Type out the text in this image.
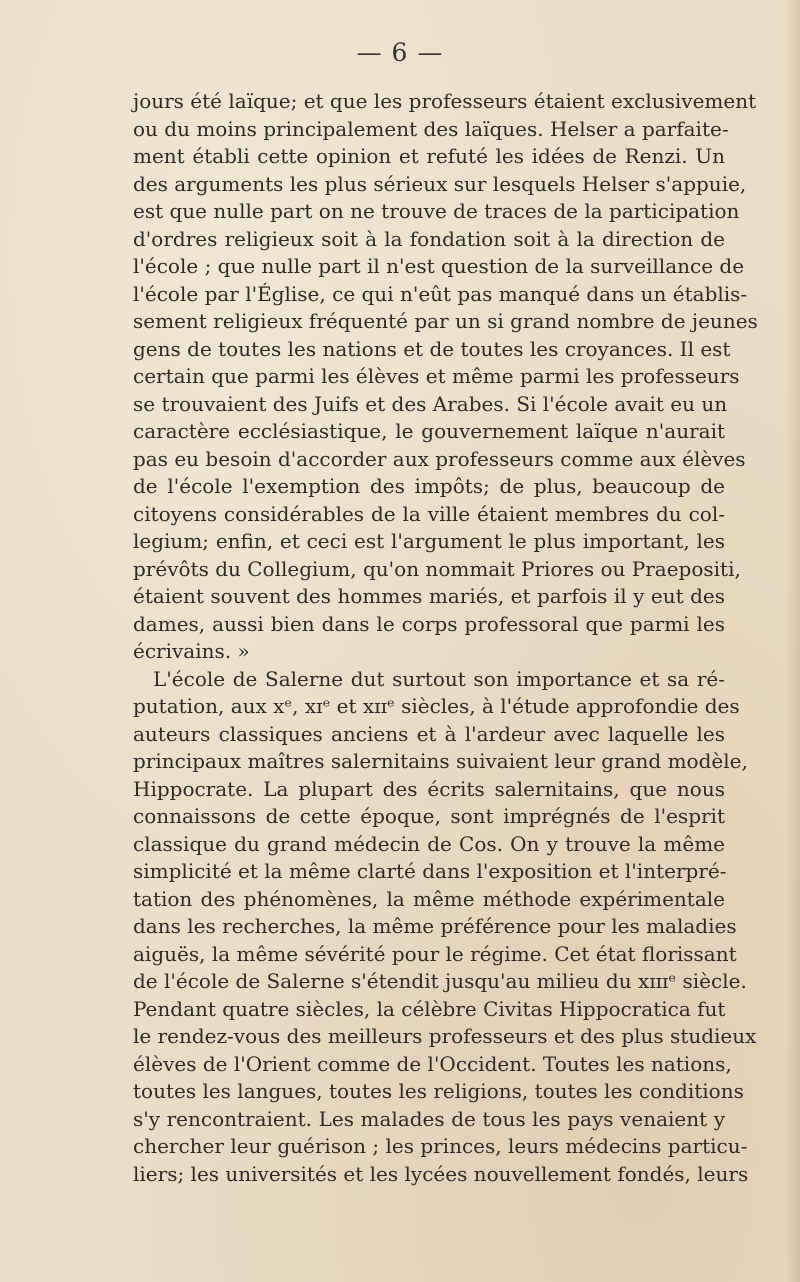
— 6 —
jours été laïque; et que les professeurs étaient exclusivement
ou du moins principalement des laïques. Helser a parfaite-
ment établi cette opinion et refuté les idées de Renzi. Un
des arguments les plus sérieux sur lesquels Helser s'appuie,
est que nulle part on ne trouve de traces de la participation
d'ordres religieux soit à la fondation soit à la direction de
l'école ; que nulle part il n'est question de la surveillance de
l'école par l'Église, ce qui n'eût pas manqué dans un établis-
sement religieux fréquenté par un si grand nombre de jeunes
gens de toutes les nations et de toutes les croyances. Il est
certain que parmi les élèves et même parmi les professeurs
se trouvaient des Juifs et des Arabes. Si l'école avait eu un
caractère ecclésiastique, le gouvernement laïque n'aurait
pas eu besoin d'accorder aux professeurs comme aux élèves
de l'école l'exemption des impôts; de plus, beaucoup de
citoyens considérables de la ville étaient membres du col-
legium; enfin, et ceci est l'argument le plus important, les
prévôts du Collegium, qu'on nommait Priores ou Praepositi,
étaient souvent des hommes mariés, et parfois il y eut des
dames, aussi bien dans le corps professoral que parmi les
écrivains. »
L'école de Salerne dut surtout son importance et sa ré-
putation, aux xᵉ, xɪᵉ et xɪɪᵉ siècles, à l'étude approfondie des
auteurs classiques anciens et à l'ardeur avec laquelle les
principaux maîtres salernitains suivaient leur grand modèle,
Hippocrate. La plupart des écrits salernitains, que nous
connaissons de cette époque, sont imprégnés de l'esprit
classique du grand médecin de Cos. On y trouve la même
simplicité et la même clarté dans l'exposition et l'interpré-
tation des phénomènes, la même méthode expérimentale
dans les recherches, la même préférence pour les maladies
aiguës, la même sévérité pour le régime. Cet état florissant
de l'école de Salerne s'étendit jusqu'au milieu du xɪɪɪᵉ siècle.
Pendant quatre siècles, la célèbre Civitas Hippocratica fut
le rendez-vous des meilleurs professeurs et des plus studieux
élèves de l'Orient comme de l'Occident. Toutes les nations,
toutes les langues, toutes les religions, toutes les conditions
s'y rencontraient. Les malades de tous les pays venaient y
chercher leur guérison ; les princes, leurs médecins particu-
liers; les universités et les lycées nouvellement fondés, leurs
